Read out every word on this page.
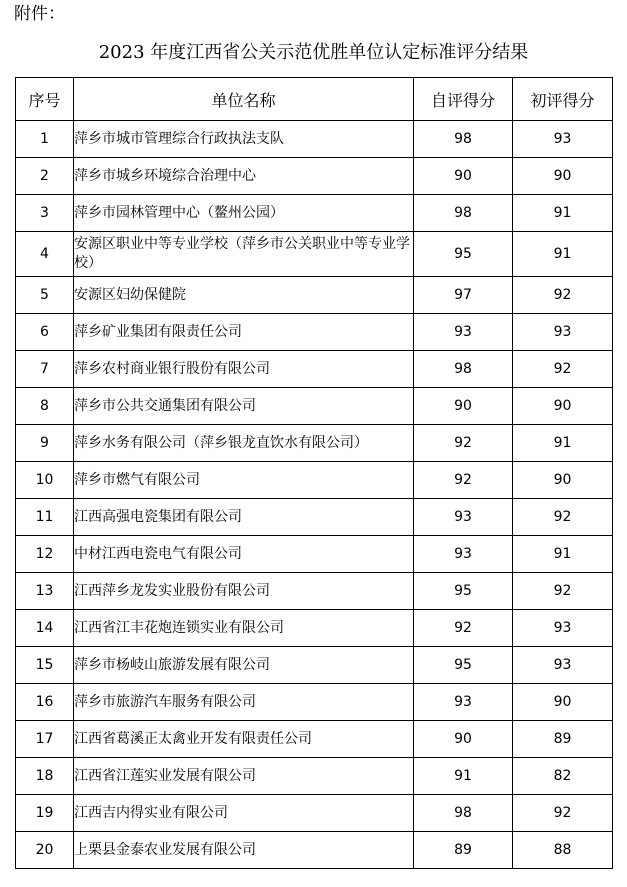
附件：
2023 年度江西省公关示范优胜单位认定标准评分结果
序号	单位名称	自评得分	初评得分
1	萍乡市城市管理综合行政执法支队	98	93
2	萍乡市城乡环境综合治理中心	90	90
3	萍乡市园林管理中心（鳌州公园）	98	91
4	安源区职业中等专业学校（萍乡市公关职业中等专业学校）	95	91
5	安源区妇幼保健院	97	92
6	萍乡矿业集团有限责任公司	93	93
7	萍乡农村商业银行股份有限公司	98	92
8	萍乡市公共交通集团有限公司	90	90
9	萍乡水务有限公司（萍乡银龙直饮水有限公司）	92	91
10	萍乡市燃气有限公司	92	90
11	江西高强电瓷集团有限公司	93	92
12	中材江西电瓷电气有限公司	93	91
13	江西萍乡龙发实业股份有限公司	95	92
14	江西省江丰花炮连锁实业有限公司	92	93
15	萍乡市杨岐山旅游发展有限公司	95	93
16	萍乡市旅游汽车服务有限公司	93	90
17	江西省葛溪正太禽业开发有限责任公司	90	89
18	江西省江莲实业发展有限公司	91	82
19	江西吉内得实业有限公司	98	92
20	上栗县金泰农业发展有限公司	89	88
